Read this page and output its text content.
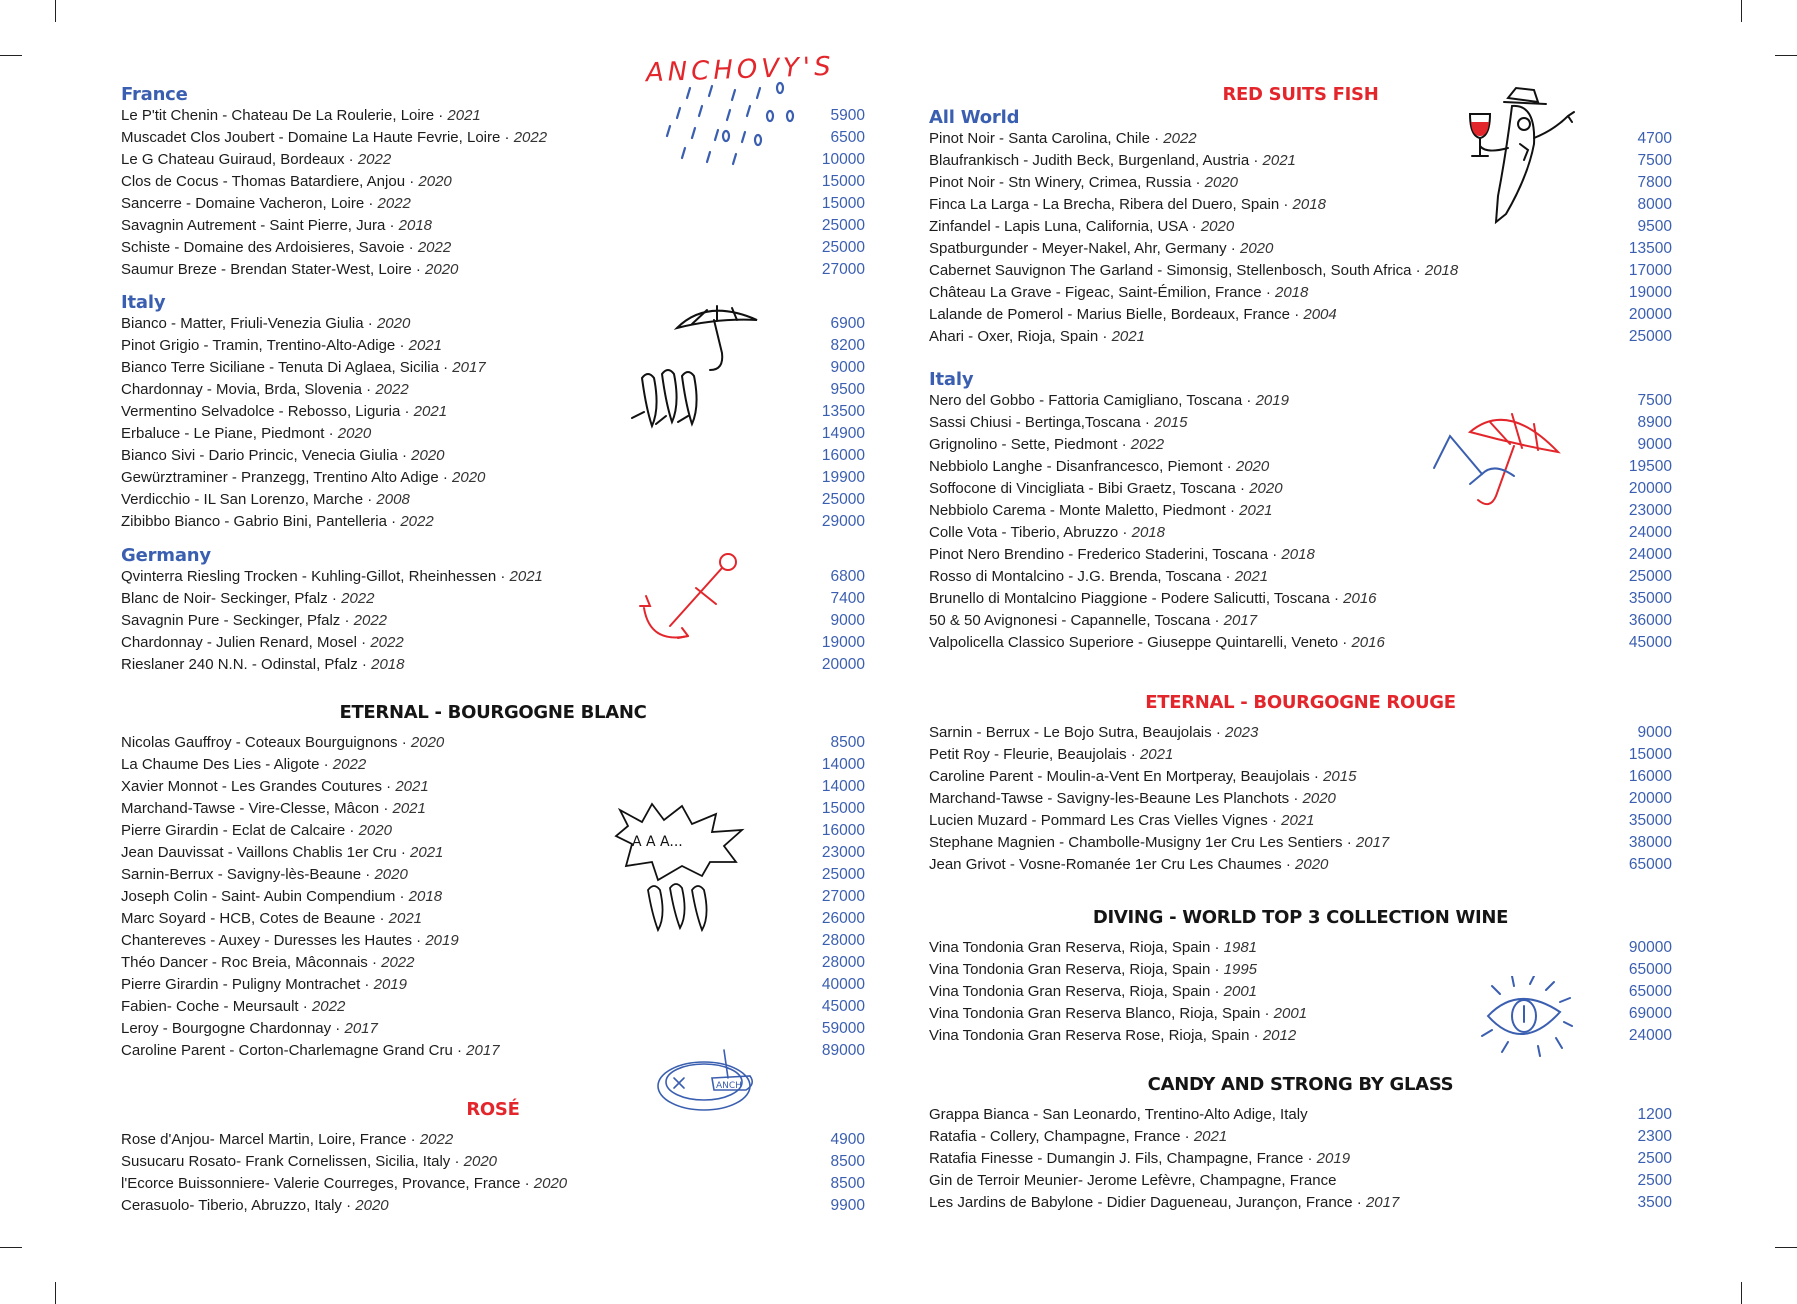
France
Le P'tit Chenin - Chateau De La Roulerie, Loire · 2021	5900
Muscadet Clos Joubert - Domaine La Haute Fevrie, Loire · 2022	6500
Le G Chateau Guiraud, Bordeaux · 2022	10000
Clos de Cocus - Thomas Batardiere, Anjou · 2020	15000
Sancerre - Domaine Vacheron, Loire · 2022	15000
Savagnin Autrement - Saint Pierre, Jura · 2018	25000
Schiste - Domaine des Ardoisieres, Savoie · 2022	25000
Saumur Breze - Brendan Stater-West, Loire · 2020	27000
Italy
Bianco - Matter, Friuli-Venezia Giulia · 2020	6900
Pinot Grigio - Tramin, Trentino-Alto-Adige · 2021	8200
Bianco Terre Siciliane - Tenuta Di Aglaea, Sicilia · 2017	9000
Chardonnay - Movia, Brda, Slovenia · 2022	9500
Vermentino Selvadolce - Rebosso, Liguria · 2021	13500
Erbaluce - Le Piane, Piedmont · 2020	14900
Bianco Sivi - Dario Princic, Venecia Giulia · 2020	16000
Gewürztraminer - Pranzegg, Trentino Alto Adige · 2020	19900
Verdicchio - IL San Lorenzo, Marche · 2008	25000
Zibibbo Bianco - Gabrio Bini, Pantelleria · 2022	29000
Germany
Qvinterra Riesling Trocken - Kuhling-Gillot, Rheinhessen · 2021	6800
Blanc de Noir- Seckinger, Pfalz · 2022	7400
Savagnin Pure - Seckinger, Pfalz · 2022	9000
Chardonnay - Julien Renard, Mosel · 2022	19000
Rieslaner 240 N.N. - Odinstal, Pfalz · 2018	20000
ETERNAL - BOURGOGNE BLANC
Nicolas Gauffroy - Coteaux Bourguignons · 2020	8500
La Chaume Des Lies - Aligote · 2022	14000
Xavier Monnot - Les Grandes Coutures · 2021	14000
Marchand-Tawse - Vire-Clesse, Mâcon · 2021	15000
Pierre Girardin - Eclat de Calcaire · 2020	16000
Jean Dauvissat - Vaillons Chablis 1er Cru · 2021	23000
Sarnin-Berrux - Savigny-lès-Beaune · 2020	25000
Joseph Colin - Saint- Aubin Compendium · 2018	27000
Marc Soyard - HCB, Cotes de Beaune · 2021	26000
Chantereves - Auxey - Duresses les Hautes · 2019	28000
Théo Dancer - Roc Breia, Mâconnais · 2022	28000
Pierre Girardin - Puligny Montrachet · 2019	40000
Fabien- Coche - Meursault · 2022	45000
Leroy - Bourgogne Chardonnay · 2017	59000
Caroline Parent - Corton-Charlemagne Grand Cru · 2017	89000
ROSÉ
Rose d'Anjou- Marcel Martin, Loire, France · 2022	4900
Susucaru Rosato- Frank Cornelissen, Sicilia, Italy · 2020	8500
l'Ecorce Buissonniere- Valerie Courreges, Provance, France · 2020	8500
Cerasuolo- Tiberio, Abruzzo, Italy · 2020	9900
RED SUITS FISH
All World
Pinot Noir - Santa Carolina, Chile · 2022	4700
Blaufrankisch - Judith Beck, Burgenland, Austria · 2021	7500
Pinot Noir - Stn Winery, Crimea, Russia · 2020	7800
Finca La Larga - La Brecha, Ribera del Duero, Spain · 2018	8000
Zinfandel - Lapis Luna, California, USA · 2020	9500
Spatburgunder - Meyer-Nakel, Ahr, Germany · 2020	13500
Cabernet Sauvignon The Garland - Simonsig, Stellenbosch, South Africa · 2018	17000
Château La Grave - Figeac, Saint-Émilion, France · 2018	19000
Lalande de Pomerol - Marius Bielle, Bordeaux, France · 2004	20000
Ahari - Oxer, Rioja, Spain · 2021	25000
Italy
Nero del Gobbo - Fattoria Camigliano, Toscana · 2019	7500
Sassi Chiusi - Bertinga,Toscana · 2015	8900
Grignolino - Sette, Piedmont · 2022	9000
Nebbiolo Langhe - Disanfrancesco, Piemont · 2020	19500
Soffocone di Vincigliata - Bibi Graetz, Toscana · 2020	20000
Nebbiolo Carema - Monte Maletto, Piedmont · 2021	23000
Colle Vota - Tiberio, Abruzzo · 2018	24000
Pinot Nero Brendino - Frederico Staderini, Toscana · 2018	24000
Rosso di Montalcino - J.G. Brenda, Toscana · 2021	25000
Brunello di Montalcino Piaggione - Podere Salicutti, Toscana · 2016	35000
50 & 50 Avignonesi - Capannelle, Toscana · 2017	36000
Valpolicella Classico Superiore - Giuseppe Quintarelli, Veneto · 2016	45000
ETERNAL - BOURGOGNE ROUGE
Sarnin - Berrux - Le Bojo Sutra, Beaujolais · 2023	9000
Petit Roy - Fleurie, Beaujolais · 2021	15000
Caroline Parent - Moulin-a-Vent En Mortperay, Beaujolais · 2015	16000
Marchand-Tawse - Savigny-les-Beaune Les Planchots · 2020	20000
Lucien Muzard - Pommard Les Cras Vielles Vignes · 2021	35000
Stephane Magnien - Chambolle-Musigny 1er Cru Les Sentiers · 2017	38000
Jean Grivot - Vosne-Romanée 1er Cru Les Chaumes · 2020	65000
DIVING - WORLD TOP 3 COLLECTION WINE
Vina Tondonia Gran Reserva, Rioja, Spain · 1981	90000
Vina Tondonia Gran Reserva, Rioja, Spain · 1995	65000
Vina Tondonia Gran Reserva, Rioja, Spain · 2001	65000
Vina Tondonia Gran Reserva Blanco, Rioja, Spain · 2001	69000
Vina Tondonia Gran Reserva Rose, Rioja, Spain · 2012	24000
CANDY AND STRONG BY GLASS
Grappa Bianca - San Leonardo, Trentino-Alto Adige, Italy	1200
Ratafia - Collery, Champagne, France · 2021	2300
Ratafia Finesse - Dumangin J. Fils, Champagne, France · 2019	2500
Gin de Terroir Meunier- Jerome Lefèvre, Champagne, France	2500
Les Jardins de Babylone - Didier Dagueneau, Jurançon, France · 2017	3500
ANCHOVY'S
A A A...
ANCH
